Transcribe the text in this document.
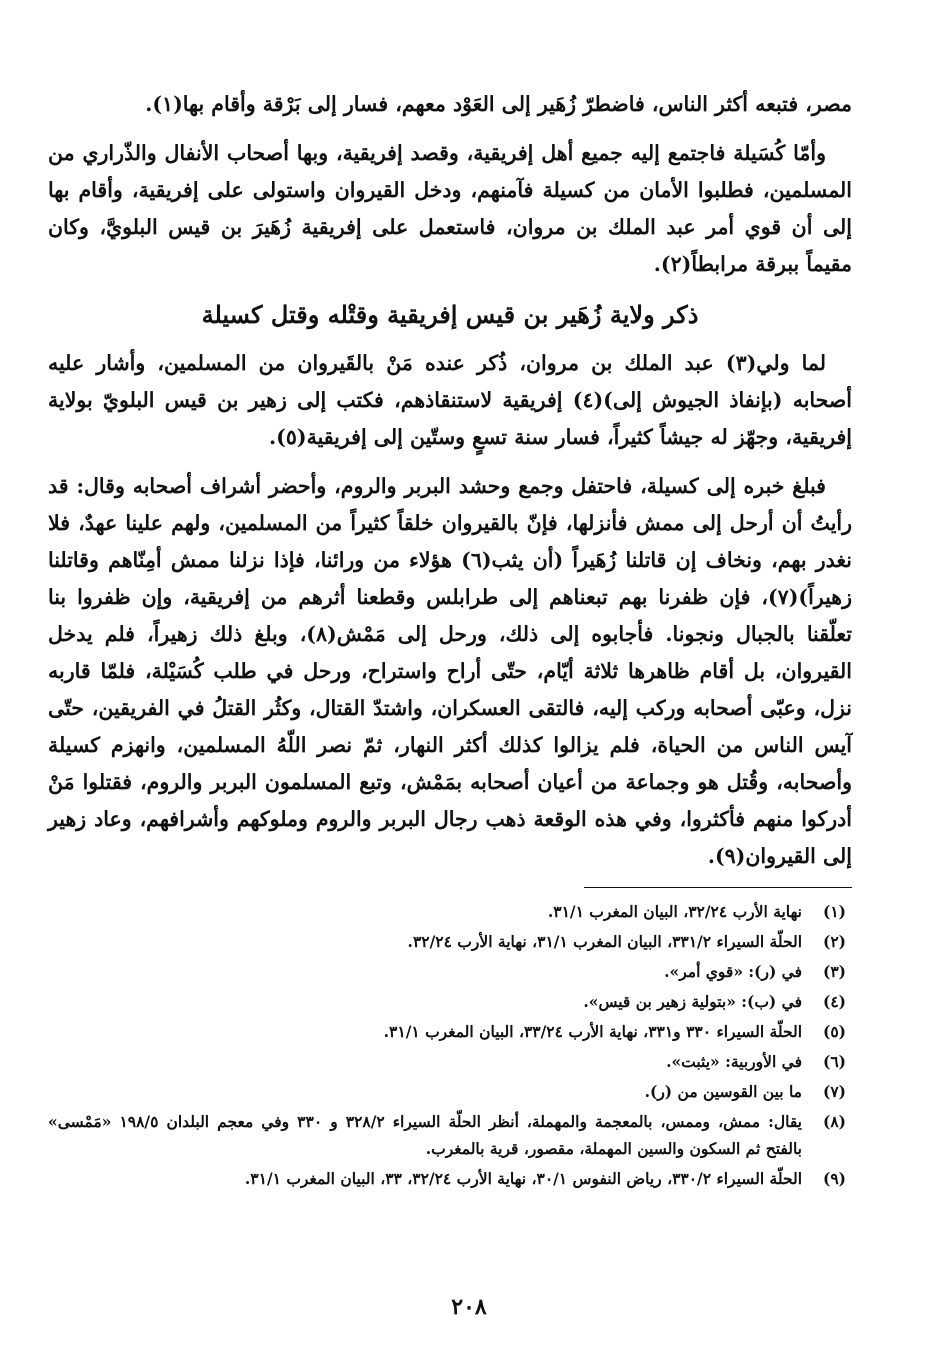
مصر، فتبعه أكثر الناس، فاضطرّ زُهَير إلى العَوْد معهم، فسار إلى بَرْقة وأقام بها(١).

وأمّا كُسَيلة فاجتمع إليه جميع أهل إفريقية، وقصد إفريقية، وبها أصحاب الأنفال والذّراري من المسلمين، فطلبوا الأمان من كسيلة فآمنهم، ودخل القيروان واستولى على إفريقية، وأقام بها إلى أن قوي أمر عبد الملك بن مروان، فاستعمل على إفريقية زُهَيرَ بن قيس البلويَّ، وكان مقيماً ببرقة مرابطاً(٢).

ذكر ولاية زُهَير بن قيس إفريقية وقتْله وقتل كسيلة

لما ولي(٣) عبد الملك بن مروان، ذُكر عنده مَنْ بالقَيروان من المسلمين، وأشار عليه أصحابه (بإنفاذ الجيوش إلى)(٤) إفريقية لاستنقاذهم، فكتب إلى زهير بن قيس البلويّ بولاية إفريقية، وجهّز له جيشاً كثيراً، فسار سنة تسعٍ وستّين إلى إفريقية(٥).

فبلغ خبره إلى كسيلة، فاحتفل وجمع وحشد البربر والروم، وأحضر أشراف أصحابه وقال: قد رأيتُ أن أرحل إلى ممش فأنزلها، فإنّ بالقيروان خلقاً كثيراً من المسلمين، ولهم علينا عهدٌ، فلا نغدر بهم، ونخاف إن قاتلنا زُهَيراً (أن يثب(٦) هؤلاء من ورائنا، فإذا نزلنا ممش أمِنّاهم وقاتلنا زهيراً)(٧)، فإن ظفرنا بهم تبعناهم إلى طرابلس وقطعنا أثرهم من إفريقية، وإن ظفروا بنا تعلّقنا بالجبال ونجونا. فأجابوه إلى ذلك، ورحل إلى مَمْش(٨)، وبلغ ذلك زهيراً، فلم يدخل القيروان، بل أقام ظاهرها ثلاثة أيّام، حتّى أراح واستراح، ورحل في طلب كُسَيْلة، فلمّا قاربه نزل، وعبّى أصحابه وركب إليه، فالتقى العسكران، واشتدّ القتال، وكثُر القتلُ في الفريقين، حتّى آيس الناس من الحياة، فلم يزالوا كذلك أكثر النهار، ثمّ نصر اللّهُ المسلمين، وانهزم كسيلة وأصحابه، وقُتل هو وجماعة من أعيان أصحابه بمَمْش، وتبع المسلمون البربر والروم، فقتلوا مَنْ أدركوا منهم فأكثروا، وفي هذه الوقعة ذهب رجال البربر والروم وملوكهم وأشرافهم، وعاد زهير إلى القيروان(٩).

(١)
نهاية الأرب ٣٢/٢٤، البيان المغرب ٣١/١.
(٢)
الحلّة السيراء ٣٣١/٢، البيان المغرب ٣١/١، نهاية الأرب ٣٢/٢٤.
(٣)
في (ر): «قوي أمر».
(٤)
في (ب): «بتولية زهير بن قيس».
(٥)
الحلّة السيراء ٣٣٠ و٣٣١، نهاية الأرب ٣٣/٢٤، البيان المغرب ٣١/١.
(٦)
في الأوربية: «يثبت».
(٧)
ما بين القوسين من (ر).
(٨)
يقال: ممش، وممس، بالمعجمة والمهملة، أنظر الحلّة السيراء ٣٢٨/٢ و ٣٣٠ وفي معجم البلدان ١٩٨/٥ «مَمْسى» بالفتح ثم السكون والسين المهملة، مقصور، قرية بالمغرب.
(٩)
الحلّة السيراء ٣٣٠/٢، رياض النفوس ٣٠/١، نهاية الأرب ٣٢/٢٤، ٣٣، البيان المغرب ٣١/١.
٢٠٨
